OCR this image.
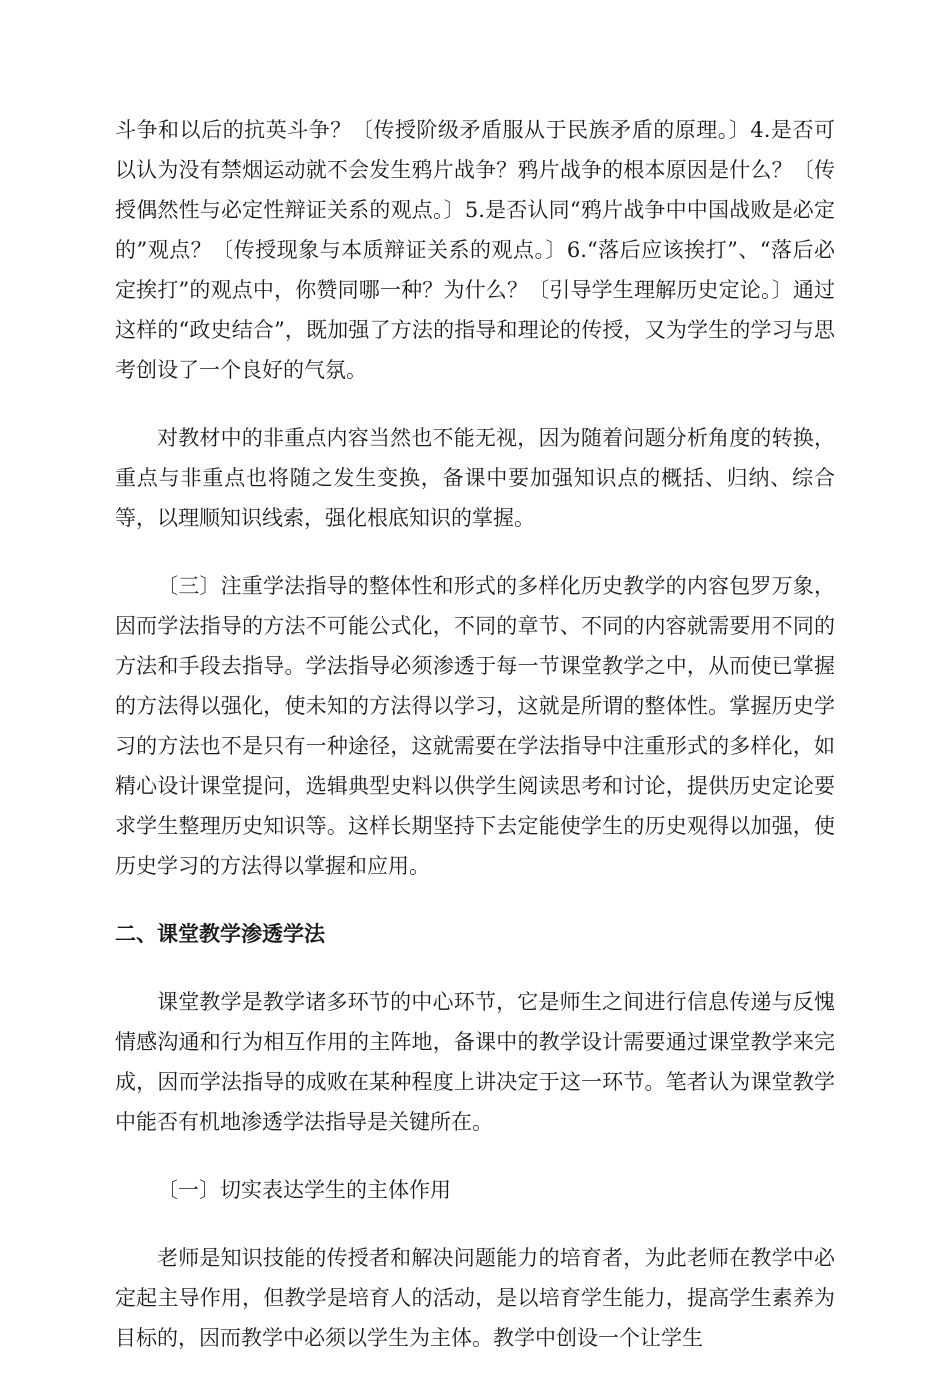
斗争和以后的抗英斗争？〔传授阶级矛盾服从于民族矛盾的原理。〕4.是否可以认为没有禁烟运动就不会发生鸦片战争？鸦片战争的根本原因是什么？〔传授偶然性与必定性辩证关系的观点。〕5.是否认同“鸦片战争中中国战败是必定的”观点？〔传授现象与本质辩证关系的观点。〕6.“落后应该挨打”、“落后必定挨打”的观点中，你赞同哪一种？为什么？〔引导学生理解历史定论。〕通过这样的“政史结合”，既加强了方法的指导和理论的传授，又为学生的学习与思考创设了一个良好的气氛。

对教材中的非重点内容当然也不能无视，因为随着问题分析角度的转换，重点与非重点也将随之发生变换，备课中要加强知识点的概括、归纳、综合等，以理顺知识线索，强化根底知识的掌握。

〔三〕注重学法指导的整体性和形式的多样化历史教学的内容包罗万象，因而学法指导的方法不可能公式化，不同的章节、不同的内容就需要用不同的方法和手段去指导。学法指导必须渗透于每一节课堂教学之中，从而使已掌握的方法得以强化，使未知的方法得以学习，这就是所谓的整体性。掌握历史学习的方法也不是只有一种途径，这就需要在学法指导中注重形式的多样化，如精心设计课堂提问，选辑典型史料以供学生阅读思考和讨论，提供历史定论要求学生整理历史知识等。这样长期坚持下去定能使学生的历史观得以加强，使历史学习的方法得以掌握和应用。

二、课堂教学渗透学法

课堂教学是教学诸多环节的中心环节，它是师生之间进行信息传递与反愧情感沟通和行为相互作用的主阵地，备课中的教学设计需要通过课堂教学来完成，因而学法指导的成败在某种程度上讲决定于这一环节。笔者认为课堂教学中能否有机地渗透学法指导是关键所在。

〔一〕切实表达学生的主体作用

老师是知识技能的传授者和解决问题能力的培育者，为此老师在教学中必定起主导作用，但教学是培育人的活动，是以培育学生能力，提高学生素养为目标的，因而教学中必须以学生为主体。教学中创设一个让学生
